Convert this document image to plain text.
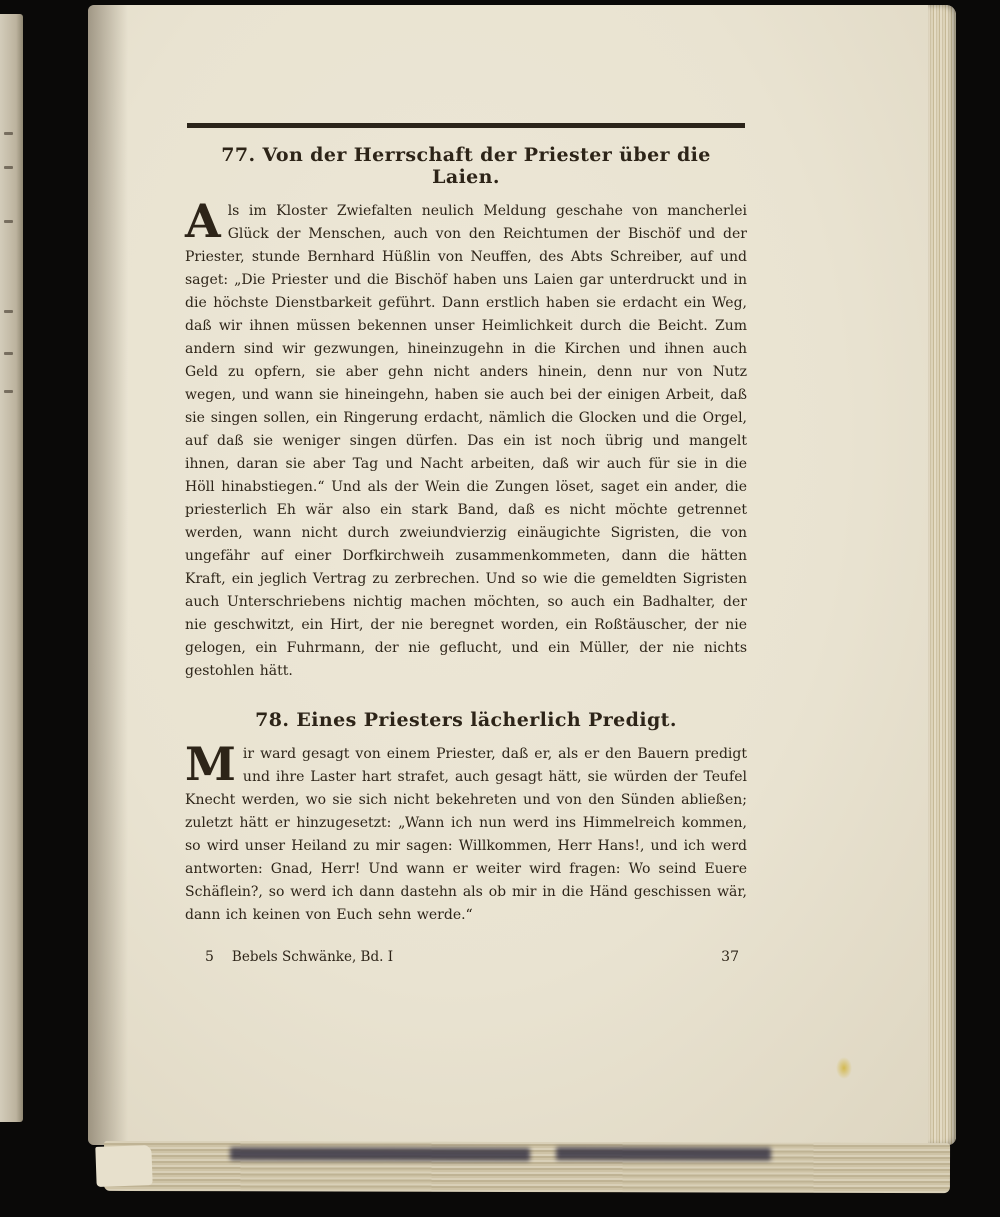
77. Von der Herrschaft der Priester über die Laien.

Als im Kloster Zwiefalten neulich Meldung geschahe von mancherlei Glück der Menschen, auch von den Reichtumen der Bischöf und der Priester, stunde Bernhard Hüßlin von Neuffen, des Abts Schreiber, auf und saget: „Die Priester und die Bischöf haben uns Laien gar unterdruckt und in die höchste Dienstbarkeit geführt. Dann erstlich haben sie erdacht ein Weg, daß wir ihnen müssen bekennen unser Heimlichkeit durch die Beicht. Zum andern sind wir gezwungen, hineinzugehn in die Kirchen und ihnen auch Geld zu opfern, sie aber gehn nicht anders hinein, denn nur von Nutz wegen, und wann sie hineingehn, haben sie auch bei der einigen Arbeit, daß sie singen sollen, ein Ringerung erdacht, nämlich die Glocken und die Orgel, auf daß sie weniger singen dürfen. Das ein ist noch übrig und mangelt ihnen, daran sie aber Tag und Nacht arbeiten, daß wir auch für sie in die Höll hinabstiegen.“ Und als der Wein die Zungen löset, saget ein ander, die priesterlich Eh wär also ein stark Band, daß es nicht möchte getrennet werden, wann nicht durch zweiundvierzig einäugichte Sigristen, die von ungefähr auf einer Dorfkirchweih zusammenkommeten, dann die hätten Kraft, ein jeglich Vertrag zu zerbrechen. Und so wie die gemeldten Sigristen auch Unterschriebens nichtig machen möchten, so auch ein Badhalter, der nie geschwitzt, ein Hirt, der nie beregnet worden, ein Roßtäuscher, der nie gelogen, ein Fuhrmann, der nie geflucht, und ein Müller, der nie nichts gestohlen hätt.

78. Eines Priesters lächerlich Predigt.

Mir ward gesagt von einem Priester, daß er, als er den Bauern predigt und ihre Laster hart strafet, auch gesagt hätt, sie würden der Teufel Knecht werden, wo sie sich nicht bekehreten und von den Sünden abließen; zuletzt hätt er hinzugesetzt: „Wann ich nun werd ins Himmelreich kommen, so wird unser Heiland zu mir sagen: Willkommen, Herr Hans!, und ich werd antworten: Gnad, Herr! Und wann er weiter wird fragen: Wo seind Euere Schäflein?, so werd ich dann dastehn als ob mir in die Händ geschissen wär, dann ich keinen von Euch sehn werde.“

5 Bebels Schwänke, Bd. I	37
